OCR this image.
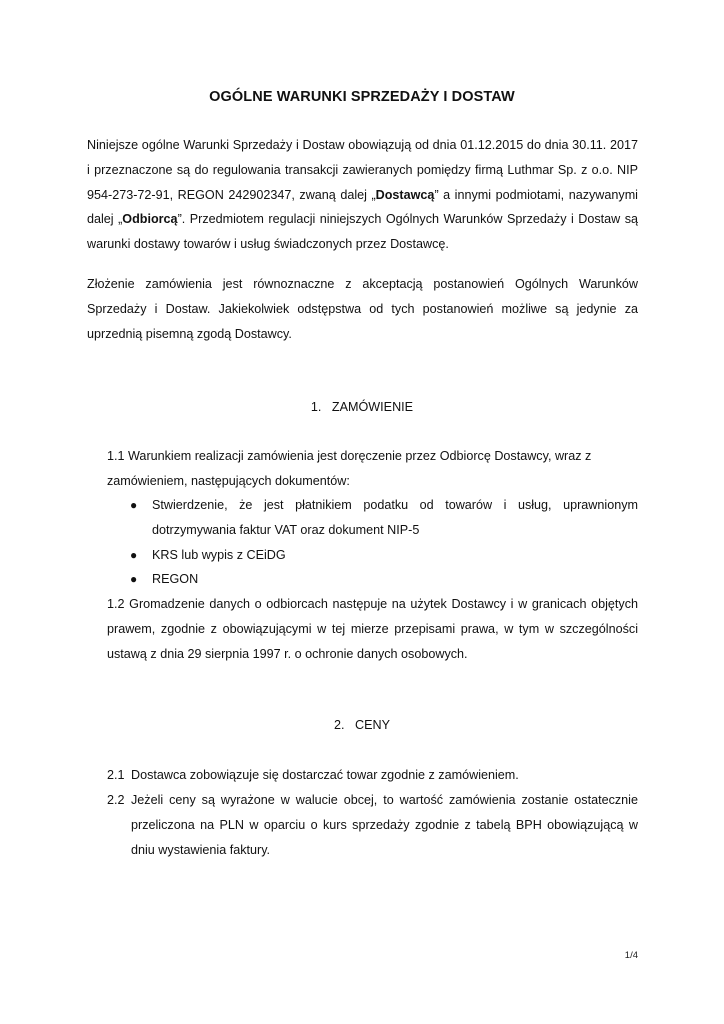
OGÓLNE WARUNKI SPRZEDAŻY I DOSTAW

Niniejsze ogólne Warunki Sprzedaży i Dostaw obowiązują od dnia 01.12.2015 do dnia 30.11. 2017 i przeznaczone są do regulowania transakcji zawieranych pomiędzy firmą Luthmar Sp. z o.o. NIP 954-273-72-91, REGON 242902347, zwaną dalej „Dostawcą” a innymi podmiotami, nazywanymi dalej „Odbiorcą”. Przedmiotem regulacji niniejszych Ogólnych Warunków Sprzedaży i Dostaw są warunki dostawy towarów i usług świadczonych przez Dostawcę.

Złożenie zamówienia jest równoznaczne z akceptacją postanowień Ogólnych Warunków Sprzedaży i Dostaw. Jakiekolwiek odstępstwa od tych postanowień możliwe są jedynie za uprzednią pisemną zgodą Dostawcy.

1.   ZAMÓWIENIE
1.1 Warunkiem realizacji zamówienia jest doręczenie przez Odbiorcę Dostawcy, wraz z zamówieniem, następujących dokumentów:
●	Stwierdzenie, że jest płatnikiem podatku od towarów i usług, uprawnionym dotrzymywania faktur VAT oraz dokument NIP-5
●	KRS lub wypis z CEiDG
●	REGON
1.2 Gromadzenie danych o odbiorcach następuje na użytek Dostawcy i w granicach objętych prawem, zgodnie z obowiązującymi w tej mierze przepisami prawa, w tym w szczególności ustawą z dnia 29 sierpnia 1997 r. o ochronie danych osobowych.
2.   CENY
2.1 Dostawca zobowiązuje się dostarczać towar zgodnie z zamówieniem.
2.2 Jeżeli ceny są wyrażone w walucie obcej, to wartość zamówienia zostanie ostatecznie przeliczona na PLN w oparciu o kurs sprzedaży zgodnie z tabelą BPH obowiązującą w dniu wystawienia faktury.
1/4
